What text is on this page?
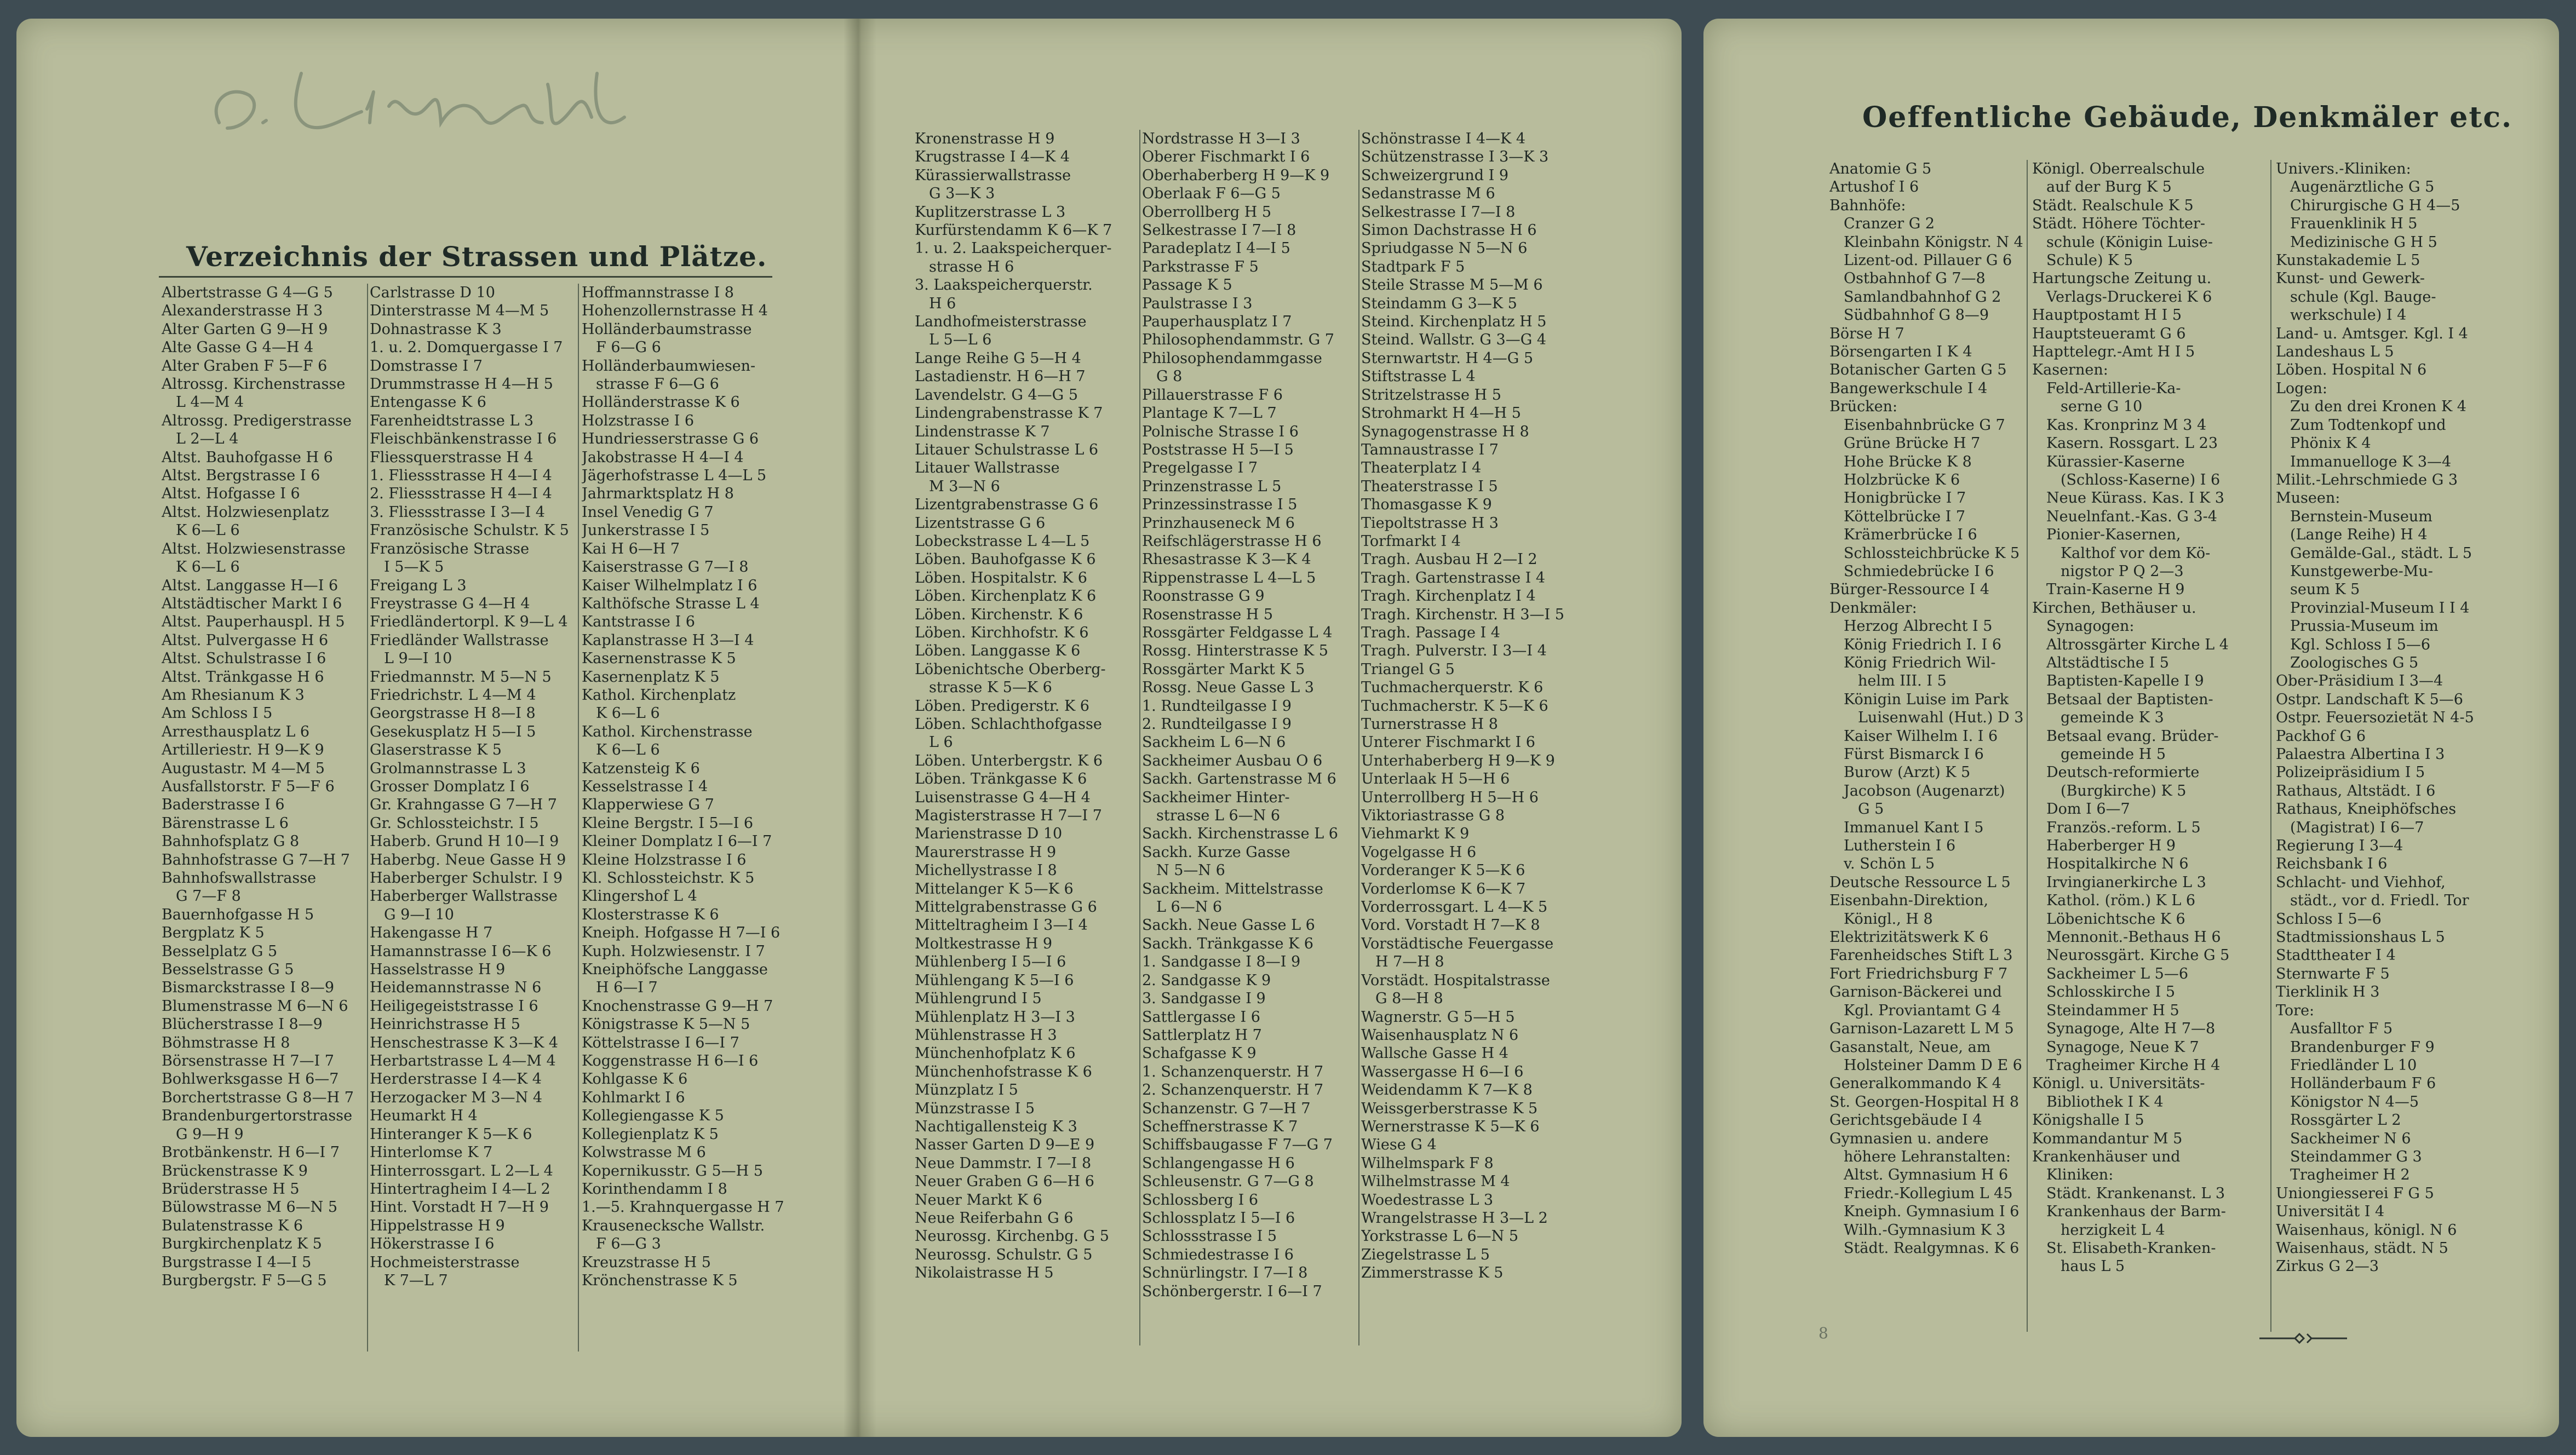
Verzeichnis der Strassen und Plätze.
Albertstrasse G 4—G 5
Alexanderstrasse H 3
Alter Garten G 9—H 9
Alte Gasse G 4—H 4
Alter Graben F 5—F 6
Altrossg. Kirchenstrasse
L 4—M 4
Altrossg. Predigerstrasse
L 2—L 4
Altst. Bauhofgasse H 6
Altst. Bergstrasse I 6
Altst. Hofgasse I 6
Altst. Holzwiesenplatz
K 6—L 6
Altst. Holzwiesenstrasse
K 6—L 6
Altst. Langgasse H—I 6
Altstädtischer Markt I 6
Altst. Pauperhauspl. H 5
Altst. Pulvergasse H 6
Altst. Schulstrasse I 6
Altst. Tränkgasse H 6
Am Rhesianum K 3
Am Schloss I 5
Arresthausplatz L 6
Artilleriestr. H 9—K 9
Augustastr. M 4—M 5
Ausfallstorstr. F 5—F 6
Baderstrasse I 6
Bärenstrasse L 6
Bahnhofsplatz G 8
Bahnhofstrasse G 7—H 7
Bahnhofswallstrasse
G 7—F 8
Bauernhofgasse H 5
Bergplatz K 5
Besselplatz G 5
Besselstrasse G 5
Bismarckstrasse I 8—9
Blumenstrasse M 6—N 6
Blücherstrasse I 8—9
Böhmstrasse H 8
Börsenstrasse H 7—I 7
Bohlwerksgasse H 6—7
Borchertstrasse G 8—H 7
Brandenburgertorstrasse
G 9—H 9
Brotbänkenstr. H 6—I 7
Brückenstrasse K 9
Brüderstrasse H 5
Bülowstrasse M 6—N 5
Bulatenstrasse K 6
Burgkirchenplatz K 5
Burgstrasse I 4—I 5
Burgbergstr. F 5—G 5
Carlstrasse D 10
Dinterstrasse M 4—M 5
Dohnastrasse K 3
1. u. 2. Domquergasse I 7
Domstrasse I 7
Drummstrasse H 4—H 5
Entengasse K 6
Farenheidtstrasse L 3
Fleischbänkenstrasse I 6
Fliessquerstrasse H 4
1. Fliessstrasse H 4—I 4
2. Fliessstrasse H 4—I 4
3. Fliessstrasse I 3—I 4
Französische Schulstr. K 5
Französische Strasse
I 5—K 5
Freigang L 3
Freystrasse G 4—H 4
Friedländertorpl. K 9—L 4
Friedländer Wallstrasse
L 9—I 10
Friedmannstr. M 5—N 5
Friedrichstr. L 4—M 4
Georgstrasse H 8—I 8
Gesekusplatz H 5—I 5
Glaserstrasse K 5
Grolmannstrasse L 3
Grosser Domplatz I 6
Gr. Krahngasse G 7—H 7
Gr. Schlossteichstr. I 5
Haberb. Grund H 10—I 9
Haberbg. Neue Gasse H 9
Haberberger Schulstr. I 9
Haberberger Wallstrasse
G 9—I 10
Hakengasse H 7
Hamannstrasse I 6—K 6
Hasselstrasse H 9
Heidemannstrasse N 6
Heiligegeiststrasse I 6
Heinrichstrasse H 5
Henschestrasse K 3—K 4
Herbartstrasse L 4—M 4
Herderstrasse I 4—K 4
Herzogacker M 3—N 4
Heumarkt H 4
Hinteranger K 5—K 6
Hinterlomse K 7
Hinterrossgart. L 2—L 4
Hintertragheim I 4—L 2
Hint. Vorstadt H 7—H 9
Hippelstrasse H 9
Hökerstrasse I 6
Hochmeisterstrasse
K 7—L 7
Hoffmannstrasse I 8
Hohenzollernstrasse H 4
Holländerbaumstrasse
F 6—G 6
Holländerbaumwiesen-
strasse F 6—G 6
Holländerstrasse K 6
Holzstrasse I 6
Hundriesserstrasse G 6
Jakobstrasse H 4—I 4
Jägerhofstrasse L 4—L 5
Jahrmarktsplatz H 8
Insel Venedig G 7
Junkerstrasse I 5
Kai H 6—H 7
Kaiserstrasse G 7—I 8
Kaiser Wilhelmplatz I 6
Kalthöfsche Strasse L 4
Kantstrasse I 6
Kaplanstrasse H 3—I 4
Kasernenstrasse K 5
Kasernenplatz K 5
Kathol. Kirchenplatz
K 6—L 6
Kathol. Kirchenstrasse
K 6—L 6
Katzensteig K 6
Kesselstrasse I 4
Klapperwiese G 7
Kleine Bergstr. I 5—I 6
Kleiner Domplatz I 6—I 7
Kleine Holzstrasse I 6
Kl. Schlossteichstr. K 5
Klingershof L 4
Klosterstrasse K 6
Kneiph. Hofgasse H 7—I 6
Kuph. Holzwiesenstr. I 7
Kneiphöfsche Langgasse
H 6—I 7
Knochenstrasse G 9—H 7
Königstrasse K 5—N 5
Köttelstrasse I 6—I 7
Koggenstrasse H 6—I 6
Kohlgasse K 6
Kohlmarkt I 6
Kollegiengasse K 5
Kollegienplatz K 5
Kolwstrasse M 6
Kopernikusstr. G 5—H 5
Korinthendamm I 8
1.—5. Krahnquergasse H 7
Krausenecksche Wallstr.
F 6—G 3
Kreuzstrasse H 5
Krönchenstrasse K 5
Kronenstrasse H 9
Krugstrasse I 4—K 4
Kürassierwallstrasse
G 3—K 3
Kuplitzerstrasse L 3
Kurfürstendamm K 6—K 7
1. u. 2. Laakspeicherquer-
strasse H 6
3. Laakspeicherquerstr.
H 6
Landhofmeisterstrasse
L 5—L 6
Lange Reihe G 5—H 4
Lastadienstr. H 6—H 7
Lavendelstr. G 4—G 5
Lindengrabenstrasse K 7
Lindenstrasse K 7
Litauer Schulstrasse L 6
Litauer Wallstrasse
M 3—N 6
Lizentgrabenstrasse G 6
Lizentstrasse G 6
Lobeckstrasse L 4—L 5
Löben. Bauhofgasse K 6
Löben. Hospitalstr. K 6
Löben. Kirchenplatz K 6
Löben. Kirchenstr. K 6
Löben. Kirchhofstr. K 6
Löben. Langgasse K 6
Löbenichtsche Oberberg-
strasse K 5—K 6
Löben. Predigerstr. K 6
Löben. Schlachthofgasse
L 6
Löben. Unterbergstr. K 6
Löben. Tränkgasse K 6
Luisenstrasse G 4—H 4
Magisterstrasse H 7—I 7
Marienstrasse D 10
Maurerstrasse H 9
Michellystrasse I 8
Mittelanger K 5—K 6
Mittelgrabenstrasse G 6
Mitteltragheim I 3—I 4
Moltkestrasse H 9
Mühlenberg I 5—I 6
Mühlengang K 5—I 6
Mühlengrund I 5
Mühlenplatz H 3—I 3
Mühlenstrasse H 3
Münchenhofplatz K 6
Münchenhofstrasse K 6
Münzplatz I 5
Münzstrasse I 5
Nachtigallensteig K 3
Nasser Garten D 9—E 9
Neue Dammstr. I 7—I 8
Neuer Graben G 6—H 6
Neuer Markt K 6
Neue Reiferbahn G 6
Neurossg. Kirchenbg. G 5
Neurossg. Schulstr. G 5
Nikolaistrasse H 5
Nordstrasse H 3—I 3
Oberer Fischmarkt I 6
Oberhaberberg H 9—K 9
Oberlaak F 6—G 5
Oberrollberg H 5
Selkestrasse I 7—I 8
Paradeplatz I 4—I 5
Parkstrasse F 5
Passage K 5
Paulstrasse I 3
Pauperhausplatz I 7
Philosophendammstr. G 7
Philosophendammgasse
G 8
Pillauerstrasse F 6
Plantage K 7—L 7
Polnische Strasse I 6
Poststrasse H 5—I 5
Pregelgasse I 7
Prinzenstrasse L 5
Prinzessinstrasse I 5
Prinzhauseneck M 6
Reifschlägerstrasse H 6
Rhesastrasse K 3—K 4
Rippenstrasse L 4—L 5
Roonstrasse G 9
Rosenstrasse H 5
Rossgärter Feldgasse L 4
Rossg. Hinterstrasse K 5
Rossgärter Markt K 5
Rossg. Neue Gasse L 3
1. Rundteilgasse I 9
2. Rundteilgasse I 9
Sackheim L 6—N 6
Sackheimer Ausbau O 6
Sackh. Gartenstrasse M 6
Sackheimer Hinter-
strasse L 6—N 6
Sackh. Kirchenstrasse L 6
Sackh. Kurze Gasse
N 5—N 6
Sackheim. Mittelstrasse
L 6—N 6
Sackh. Neue Gasse L 6
Sackh. Tränkgasse K 6
1. Sandgasse I 8—I 9
2. Sandgasse K 9
3. Sandgasse I 9
Sattlergasse I 6
Sattlerplatz H 7
Schafgasse K 9
1. Schanzenquerstr. H 7
2. Schanzenquerstr. H 7
Schanzenstr. G 7—H 7
Scheffnerstrasse K 7
Schiffsbaugasse F 7—G 7
Schlangengasse H 6
Schleusenstr. G 7—G 8
Schlossberg I 6
Schlossplatz I 5—I 6
Schlossstrasse I 5
Schmiedestrasse I 6
Schnürlingstr. I 7—I 8
Schönbergerstr. I 6—I 7
Schönstrasse I 4—K 4
Schützenstrasse I 3—K 3
Schweizergrund I 9
Sedanstrasse M 6
Selkestrasse I 7—I 8
Simon Dachstrasse H 6
Spriudgasse N 5—N 6
Stadtpark F 5
Steile Strasse M 5—M 6
Steindamm G 3—K 5
Steind. Kirchenplatz H 5
Steind. Wallstr. G 3—G 4
Sternwartstr. H 4—G 5
Stiftstrasse L 4
Stritzelstrasse H 5
Strohmarkt H 4—H 5
Synagogenstrasse H 8
Tamnaustrasse I 7
Theaterplatz I 4
Theaterstrasse I 5
Thomasgasse K 9
Tiepoltstrasse H 3
Torfmarkt I 4
Tragh. Ausbau H 2—I 2
Tragh. Gartenstrasse I 4
Tragh. Kirchenplatz I 4
Tragh. Kirchenstr. H 3—I 5
Tragh. Passage I 4
Tragh. Pulverstr. I 3—I 4
Triangel G 5
Tuchmacherquerstr. K 6
Tuchmacherstr. K 5—K 6
Turnerstrasse H 8
Unterer Fischmarkt I 6
Unterhaberberg H 9—K 9
Unterlaak H 5—H 6
Unterrollberg H 5—H 6
Viktoriastrasse G 8
Viehmarkt K 9
Vogelgasse H 6
Vorderanger K 5—K 6
Vorderlomse K 6—K 7
Vorderrossgart. L 4—K 5
Vord. Vorstadt H 7—K 8
Vorstädtische Feuergasse
H 7—H 8
Vorstädt. Hospitalstrasse
G 8—H 8
Wagnerstr. G 5—H 5
Waisenhausplatz N 6
Wallsche Gasse H 4
Wassergasse H 6—I 6
Weidendamm K 7—K 8
Weissgerberstrasse K 5
Wernerstrasse K 5—K 6
Wiese G 4
Wilhelmspark F 8
Wilhelmstrasse M 4
Woedestrasse L 3
Wrangelstrasse H 3—L 2
Yorkstrasse L 6—N 5
Ziegelstrasse L 5
Zimmerstrasse K 5
Oeffentliche Gebäude, Denkmäler etc.
Anatomie G 5
Artushof I 6
Bahnhöfe:
Cranzer G 2
Kleinbahn Königstr. N 4
Lizent-od. Pillauer G 6
Ostbahnhof G 7—8
Samlandbahnhof G 2
Südbahnhof G 8—9
Börse H 7
Börsengarten I K 4
Botanischer Garten G 5
Bangewerkschule I 4
Brücken:
Eisenbahnbrücke G 7
Grüne Brücke H 7
Hohe Brücke K 8
Holzbrücke K 6
Honigbrücke I 7
Köttelbrücke I 7
Krämerbrücke I 6
Schlossteichbrücke K 5
Schmiedebrücke I 6
Bürger-Ressource I 4
Denkmäler:
Herzog Albrecht I 5
König Friedrich I. I 6
König Friedrich Wil-
helm III. I 5
Königin Luise im Park
Luisenwahl (Hut.) D 3
Kaiser Wilhelm I. I 6
Fürst Bismarck I 6
Burow (Arzt) K 5
Jacobson (Augenarzt)
G 5
Immanuel Kant I 5
Lutherstein I 6
v. Schön L 5
Deutsche Ressource L 5
Eisenbahn-Direktion,
Königl., H 8
Elektrizitätswerk K 6
Farenheidsches Stift L 3
Fort Friedrichsburg F 7
Garnison-Bäckerei und
Kgl. Proviantamt G 4
Garnison-Lazarett L M 5
Gasanstalt, Neue, am
Holsteiner Damm D E 6
Generalkommando K 4
St. Georgen-Hospital H 8
Gerichtsgebäude I 4
Gymnasien u. andere
höhere Lehranstalten:
Altst. Gymnasium H 6
Friedr.-Kollegium L 45
Kneiph. Gymnasium I 6
Wilh.-Gymnasium K 3
Städt. Realgymnas. K 6
Königl. Oberrealschule
auf der Burg K 5
Städt. Realschule K 5
Städt. Höhere Töchter-
schule (Königin Luise-
Schule) K 5
Hartungsche Zeitung u.
Verlags-Druckerei K 6
Hauptpostamt H I 5
Hauptsteueramt G 6
Hapttelegr.-Amt H I 5
Kasernen:
Feld-Artillerie-Ka-
serne G 10
Kas. Kronprinz M 3 4
Kasern. Rossgart. L 23
Kürassier-Kaserne
(Schloss-Kaserne) I 6
Neue Kürass. Kas. I K 3
Neuelnfant.-Kas. G 3-4
Pionier-Kasernen,
Kalthof vor dem Kö-
nigstor P Q 2—3
Train-Kaserne H 9
Kirchen, Bethäuser u.
Synagogen:
Altrossgärter Kirche L 4
Altstädtische I 5
Baptisten-Kapelle I 9
Betsaal der Baptisten-
gemeinde K 3
Betsaal evang. Brüder-
gemeinde H 5
Deutsch-reformierte
(Burgkirche) K 5
Dom I 6—7
Französ.-reform. L 5
Haberberger H 9
Hospitalkirche N 6
Irvingianerkirche L 3
Kathol. (röm.) K L 6
Löbenichtsche K 6
Mennonit.-Bethaus H 6
Neurossgärt. Kirche G 5
Sackheimer L 5—6
Schlosskirche I 5
Steindammer H 5
Synagoge, Alte H 7—8
Synagoge, Neue K 7
Tragheimer Kirche H 4
Königl. u. Universitäts-
Bibliothek I K 4
Königshalle I 5
Kommandantur M 5
Krankenhäuser und
Kliniken:
Städt. Krankenanst. L 3
Krankenhaus der Barm-
herzigkeit L 4
St. Elisabeth-Kranken-
haus L 5
Univers.-Kliniken:
Augenärztliche G 5
Chirurgische G H 4—5
Frauenklinik H 5
Medizinische G H 5
Kunstakademie L 5
Kunst- und Gewerk-
schule (Kgl. Bauge-
werkschule) I 4
Land- u. Amtsger. Kgl. I 4
Landeshaus L 5
Löben. Hospital N 6
Logen:
Zu den drei Kronen K 4
Zum Todtenkopf und
Phönix K 4
Immanuelloge K 3—4
Milit.-Lehrschmiede G 3
Museen:
Bernstein-Museum
(Lange Reihe) H 4
Gemälde-Gal., städt. L 5
Kunstgewerbe-Mu-
seum K 5
Provinzial-Museum I I 4
Prussia-Museum im
Kgl. Schloss I 5—6
Zoologisches G 5
Ober-Präsidium I 3—4
Ostpr. Landschaft K 5—6
Ostpr. Feuersozietät N 4-5
Packhof G 6
Palaestra Albertina I 3
Polizeipräsidium I 5
Rathaus, Altstädt. I 6
Rathaus, Kneiphöfsches
(Magistrat) I 6—7
Regierung I 3—4
Reichsbank I 6
Schlacht- und Viehhof,
städt., vor d. Friedl. Tor
Schloss I 5—6
Stadtmissionshaus L 5
Stadttheater I 4
Sternwarte F 5
Tierklinik H 3
Tore:
Ausfalltor F 5
Brandenburger F 9
Friedländer L 10
Holländerbaum F 6
Königstor N 4—5
Rossgärter L 2
Sackheimer N 6
Steindammer G 3
Tragheimer H 2
Uniongiesserei F G 5
Universität I 4
Waisenhaus, königl. N 6
Waisenhaus, städt. N 5
Zirkus G 2—3
8
